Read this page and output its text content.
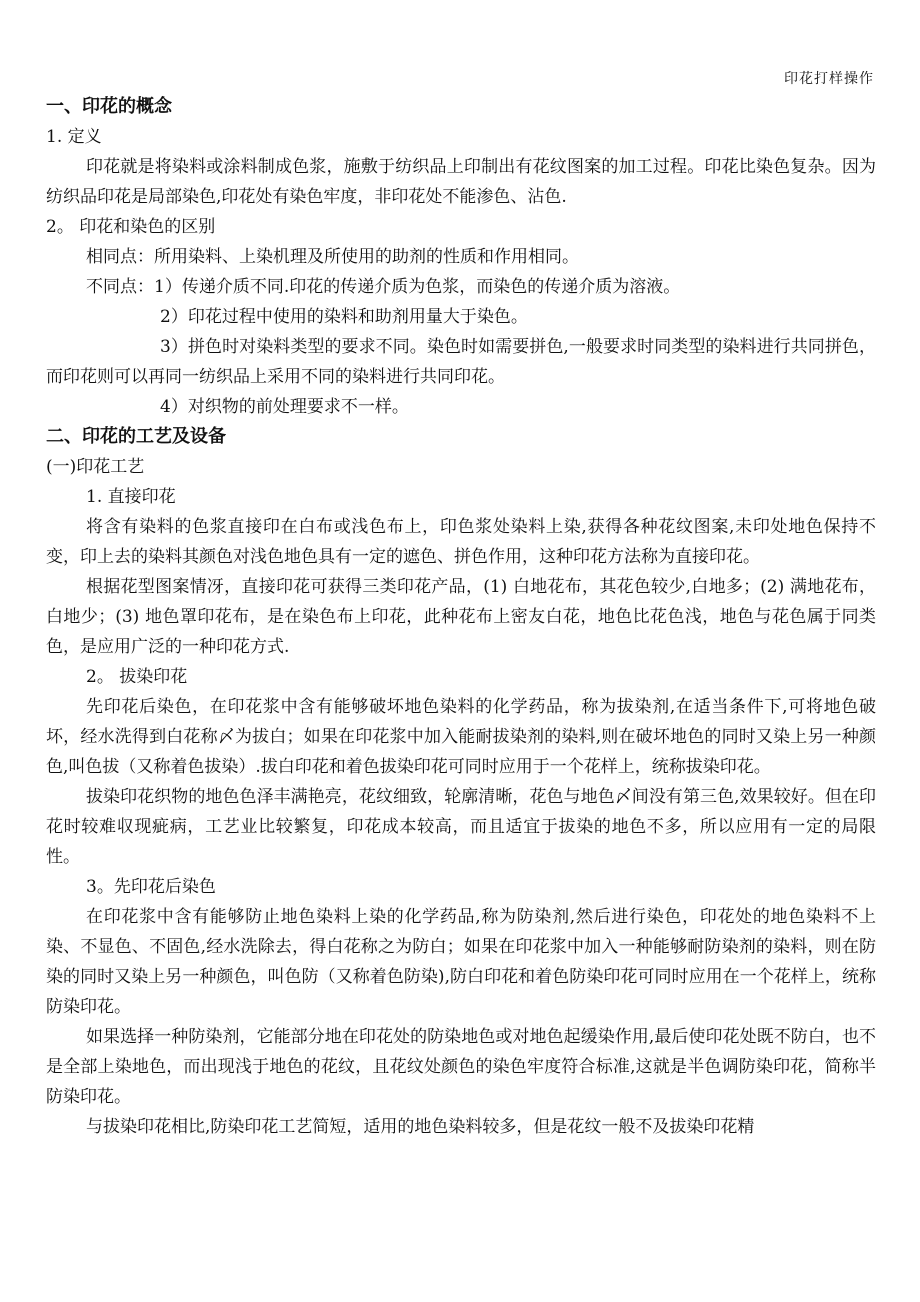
印花打样操作

一、印花的概念

1. 定义

印花就是将染料或涂料制成色浆，施敷于纺织品上印制出有花纹图案的加工过程。印花比染色复杂。因为纺织品印花是局部染色,印花处有染色牢度，非印花处不能渗色、沾色.

2。 印花和染色的区别

相同点：所用染料、上染机理及所使用的助剂的性质和作用相同。

不同点：1）传递介质不同.印花的传递介质为色浆，而染色的传递介质为溶液。

2）印花过程中使用的染料和助剂用量大于染色。

3）拼色时对染料类型的要求不同。染色时如需要拼色,一般要求时同类型的染料进行共同拼色，而印花则可以再同一纺织品上采用不同的染料进行共同印花。

4）对织物的前处理要求不一样。

二、印花的工艺及设备

(一)印花工艺

1. 直接印花

将含有染料的色浆直接印在白布或浅色布上，印色浆处染料上染,获得各种花纹图案,未印处地色保持不变，印上去的染料其颜色对浅色地色具有一定的遮色、拼色作用，这种印花方法称为直接印花。

根据花型图案情冴，直接印花可获得三类印花产品，(1) 白地花布，其花色较少,白地多；(2) 满地花布，白地少；(3) 地色罩印花布，是在染色布上印花，此种花布上密友白花，地色比花色浅，地色与花色属于同类色，是应用广泛的一种印花方式.

2。 拔染印花

先印花后染色，在印花浆中含有能够破坏地色染料的化学药品，称为拔染剂,在适当条件下,可将地色破坏，经水洗得到白花称〆为拔白；如果在印花浆中加入能耐拔染剂的染料,则在破坏地色的同时又染上另一种颜色,叫色拔（又称着色拔染）.拔白印花和着色拔染印花可同时应用于一个花样上，统称拔染印花。

拔染印花织物的地色色泽丰满艳亮，花纹细致，轮廓清晰，花色与地色〆间没有第三色,效果较好。但在印花时较难収现疵病，工艺业比较繁复，印花成本较高，而且适宜于拔染的地色不多，所以应用有一定的局限性。

3。先印花后染色

在印花浆中含有能够防止地色染料上染的化学药品,称为防染剂,然后进行染色，印花处的地色染料不上染、不显色、不固色,经水洗除去，得白花称之为防白；如果在印花浆中加入一种能够耐防染剂的染料，则在防染的同时又染上另一种颜色，叫色防（又称着色防染),防白印花和着色防染印花可同时应用在一个花样上，统称防染印花。

如果选择一种防染剂，它能部分地在印花处的防染地色或对地色起缓染作用,最后使印花处既不防白，也不是全部上染地色，而出现浅于地色的花纹，且花纹处颜色的染色牢度符合标准,这就是半色调防染印花，简称半防染印花。

与拔染印花相比,防染印花工艺简短，适用的地色染料较多，但是花纹一般不及拔染印花精
